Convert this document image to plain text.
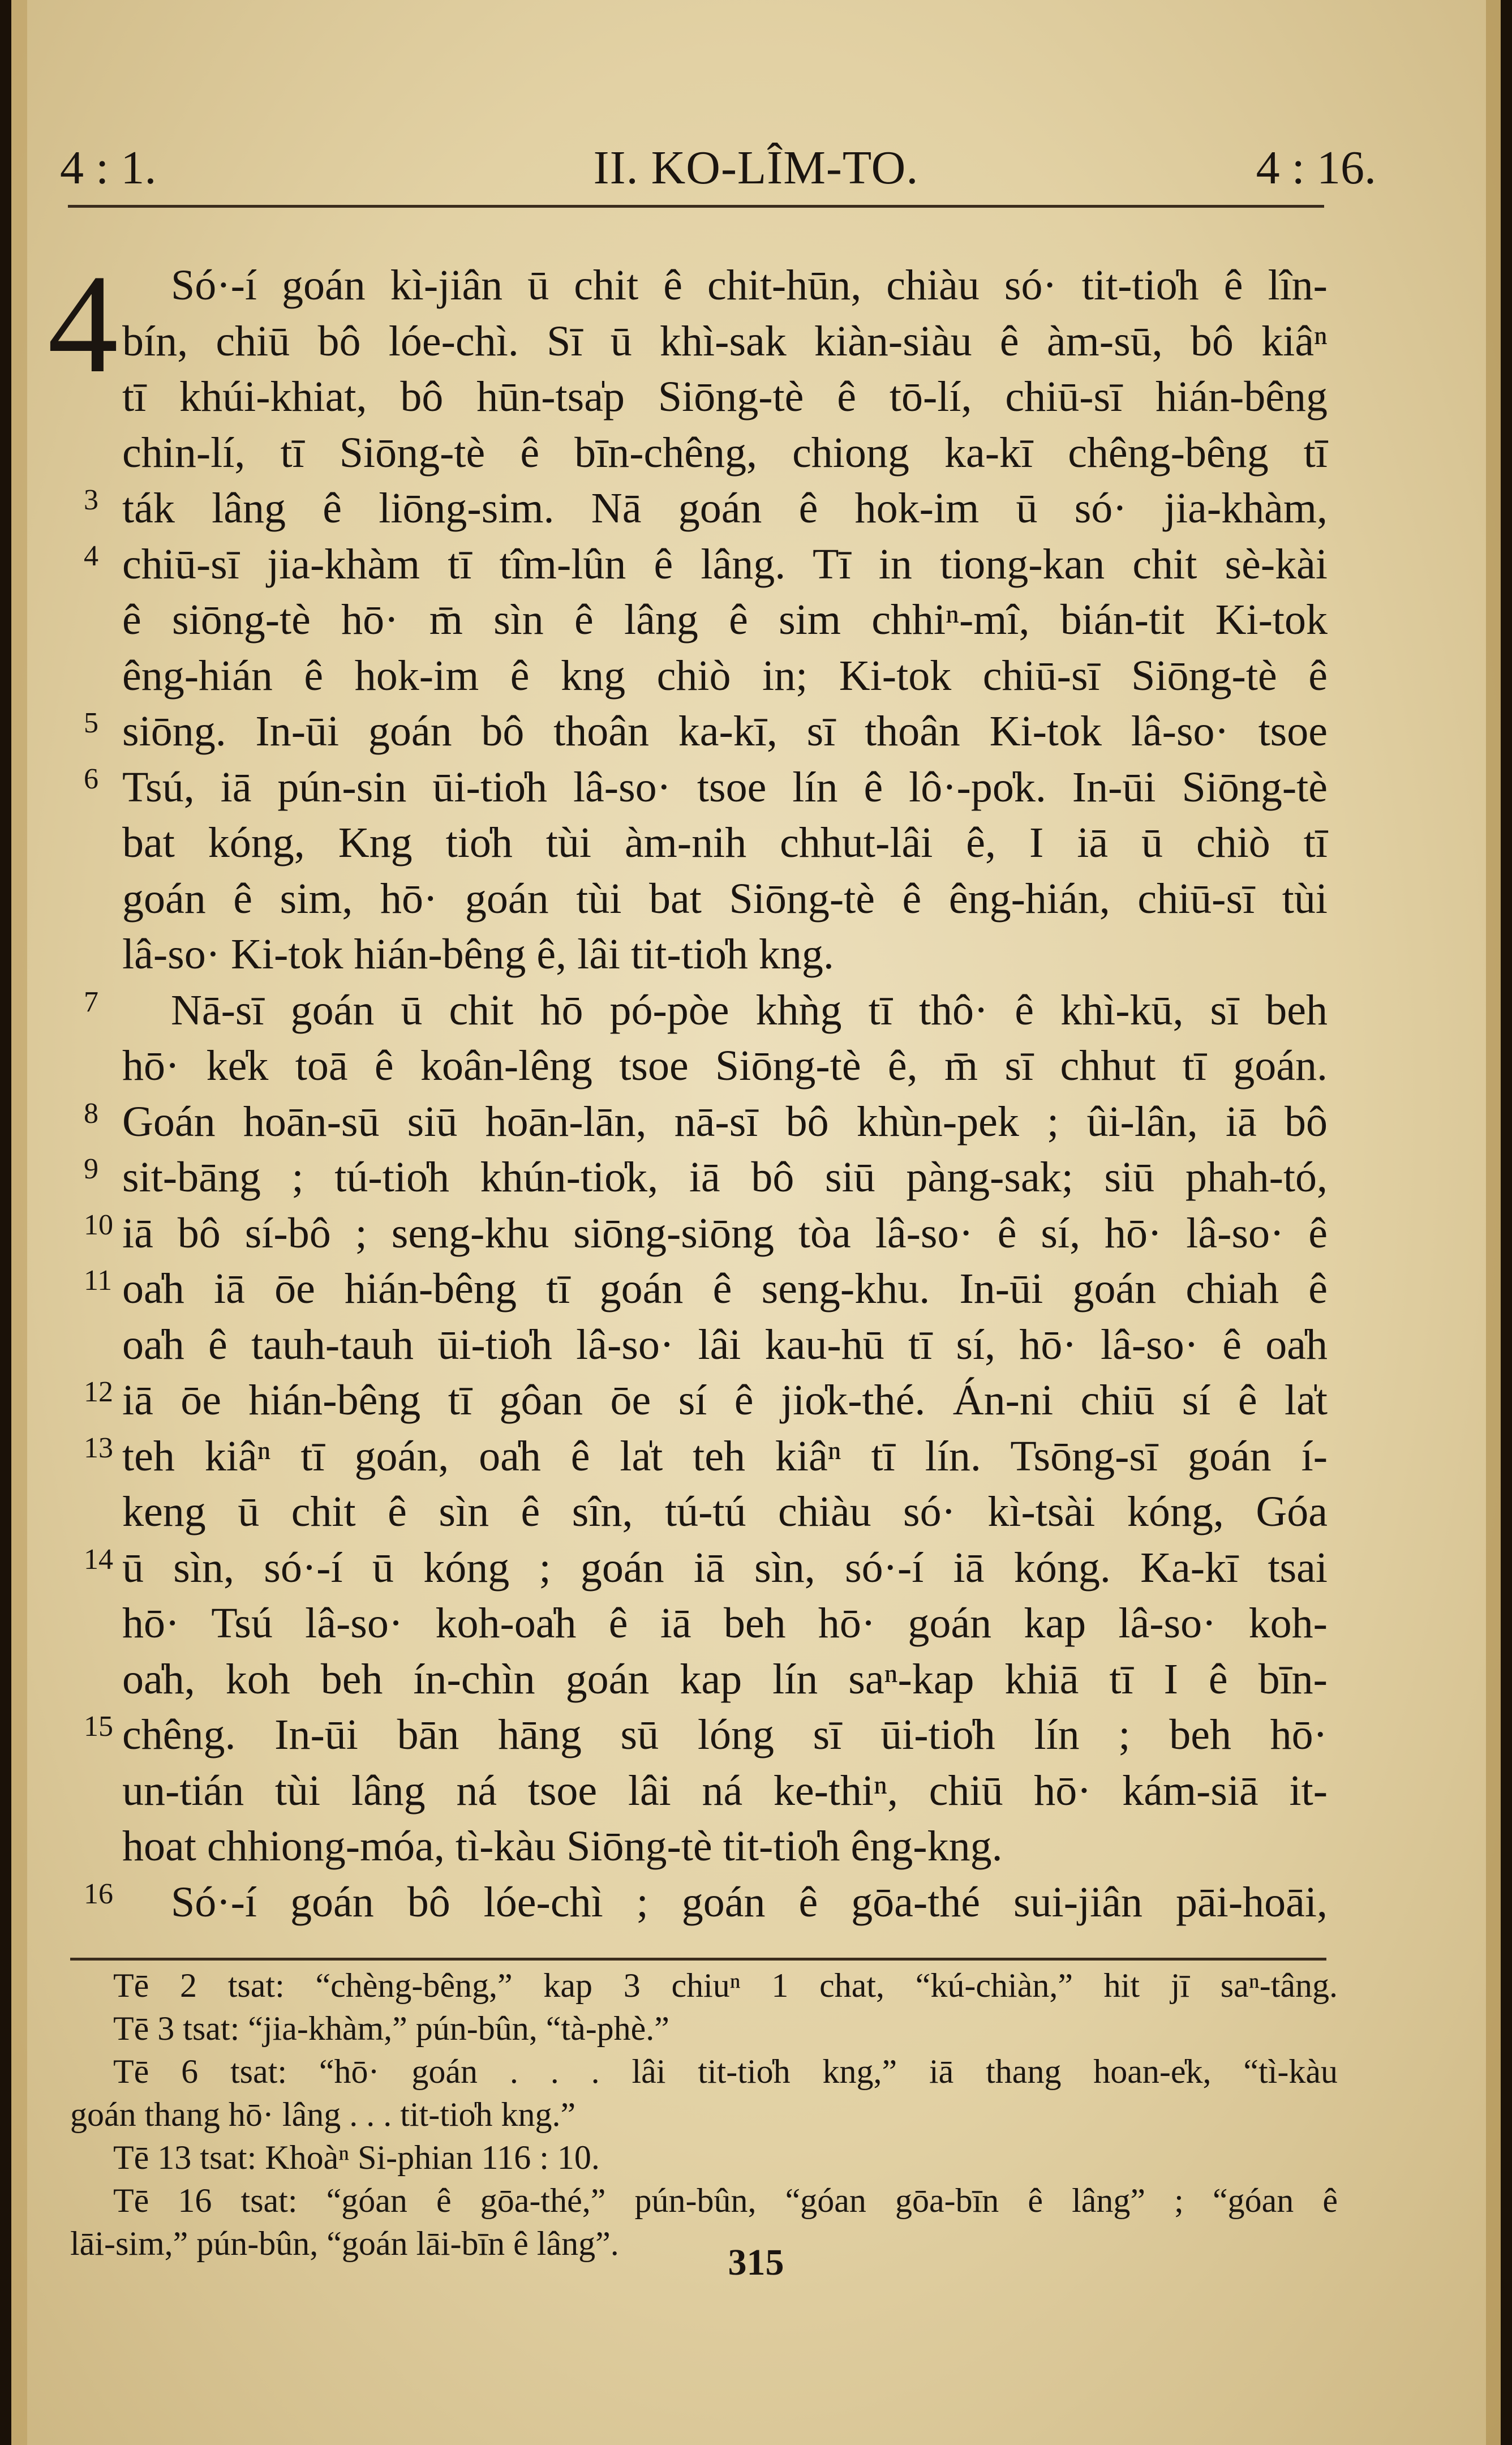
4 : 1.	II. KO-LÎM-TO.	4 : 16.
4	Só·-í goán kì-jiân ū chit ê chit-hūn, chiàu só· tit-tio̍h ê lîn-
bín, chiū bô lóe-chì. Sī ū khì-sak kiàn-siàu ê àm-sū, bô kiâⁿ
tī khúi-khiat, bô hūn-tsa̍p Siōng-tè ê tō-lí, chiū-sī hián-bêng
chin-lí, tī Siōng-tè ê bīn-chêng, chiong ka-kī chêng-bêng tī
3 ták lâng ê liōng-sim. Nā goán ê hok-im ū só· jia-khàm,
4 chiū-sī jia-khàm tī tîm-lûn ê lâng. Tī in tiong-kan chit sè-kài
ê siōng-tè hō· m̄ sìn ê lâng ê sim chhiⁿ-mî, bián-tit Ki-tok
êng-hián ê hok-im ê kng chiò in; Ki-tok chiū-sī Siōng-tè ê
5 siōng. In-ūi goán bô thoân ka-kī, sī thoân Ki-tok lâ-so· tsoe
6 Tsú, iā pún-sin ūi-tio̍h lâ-so· tsoe lín ê lô·-po̍k. In-ūi Siōng-tè
bat kóng, Kng tio̍h tùi àm-nih chhut-lâi ê, I iā ū chiò tī
goán ê sim, hō· goán tùi bat Siōng-tè ê êng-hián, chiū-sī tùi
lâ-so· Ki-tok hián-bêng ê, lâi tit-tio̍h kng.
7 Nā-sī goán ū chit hō pó-pòe khǹg tī thô· ê khì-kū, sī beh
hō· ke̍k toā ê koân-lêng tsoe Siōng-tè ê, m̄ sī chhut tī goán.
8 Goán hoān-sū siū hoān-lān, nā-sī bô khùn-pek ; ûi-lân, iā bô
9 sit-bāng ; tú-tio̍h khún-tio̍k, iā bô siū pàng-sak; siū phah-tó,
10 iā bô sí-bô ; seng-khu siōng-siōng tòa lâ-so· ê sí, hō· lâ-so· ê
11 oa̍h iā ōe hián-bêng tī goán ê seng-khu. In-ūi goán chiah ê
oa̍h ê tauh-tauh ūi-tio̍h lâ-so· lâi kau-hū tī sí, hō· lâ-so· ê oa̍h
12 iā ōe hián-bêng tī gôan ōe sí ê jio̍k-thé. Án-ni chiū sí ê la̍t
13 teh kiâⁿ tī goán, oa̍h ê la̍t teh kiâⁿ tī lín. Tsōng-sī goán í-
keng ū chit ê sìn ê sîn, tú-tú chiàu só· kì-tsài kóng, Góa
14 ū sìn, só·-í ū kóng ; goán iā sìn, só·-í iā kóng. Ka-kī tsai
hō· Tsú lâ-so· koh-oa̍h ê iā beh hō· goán kap lâ-so· koh-
oa̍h, koh beh ín-chìn goán kap lín saⁿ-kap khiā tī I ê bīn-
15 chêng. In-ūi bān hāng sū lóng sī ūi-tio̍h lín ; beh hō·
un-tián tùi lâng ná tsoe lâi ná ke-thiⁿ, chiū hō· kám-siā it-
hoat chhiong-móa, tì-kàu Siōng-tè tit-tio̍h êng-kng.
16 Só·-í goán bô lóe-chì ; goán ê gōa-thé sui-jiân pāi-hoāi,
Tē 2 tsat: “chèng-bêng,” kap 3 chiuⁿ 1 chat, “kú-chiàn,” hit jī saⁿ-tâng.
Tē 3 tsat: “jia-khàm,” pún-bûn, “tà-phè.”
Tē 6 tsat: “hō· goán . . . lâi tit-tio̍h kng,” iā thang hoan-e̍k, “tì-kàu
goán thang hō· lâng . . . tit-tio̍h kng.”
Tē 13 tsat: Khoàⁿ Si-phian 116 : 10.
Tē 16 tsat: “góan ê gōa-thé,” pún-bûn, “góan gōa-bīn ê lâng” ; “góan ê
lāi-sim,” pún-bûn, “goán lāi-bīn ê lâng”.	315
